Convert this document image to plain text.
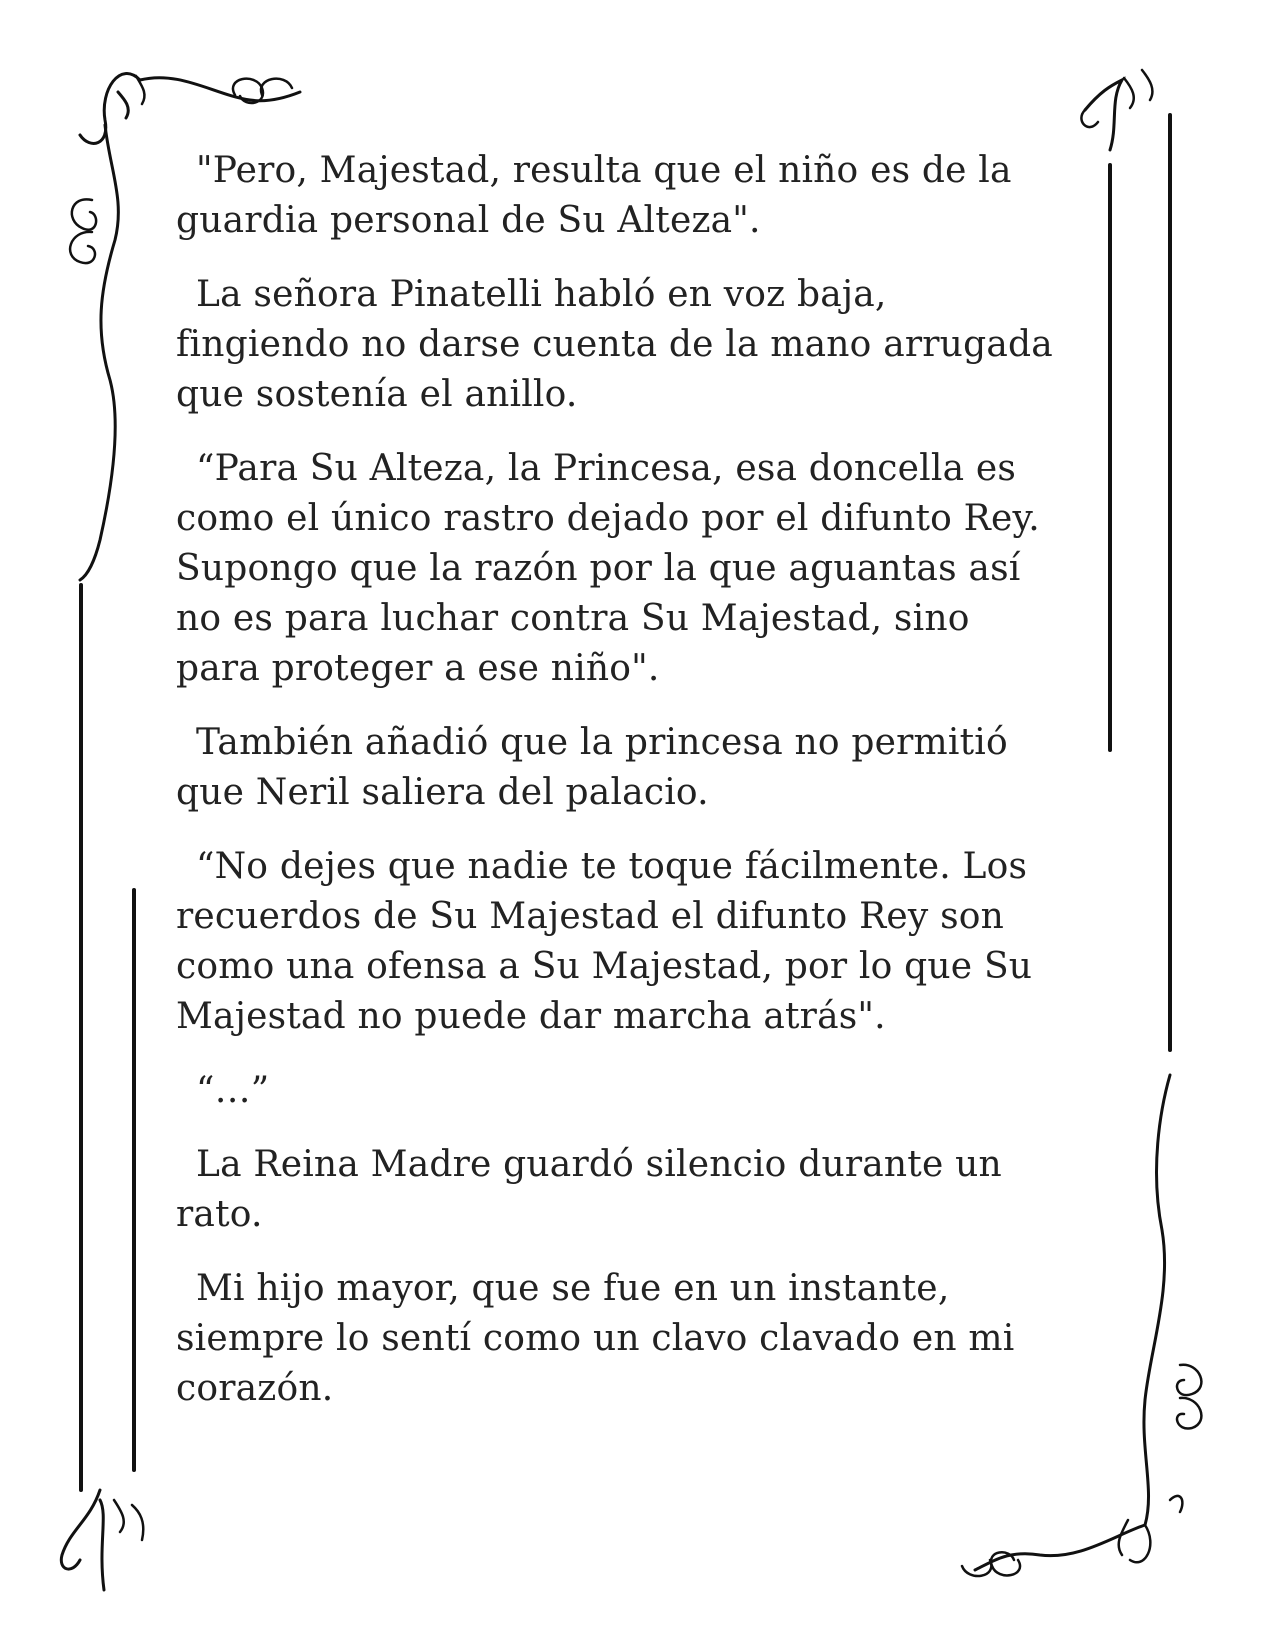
"Pero, Majestad, resulta que el niño es de la
guardia personal de Su Alteza".

La señora Pinatelli habló en voz baja,
fingiendo no darse cuenta de la mano arrugada
que sostenía el anillo.

“Para Su Alteza, la Princesa, esa doncella es
como el único rastro dejado por el difunto Rey.
Supongo que la razón por la que aguantas así
no es para luchar contra Su Majestad, sino
para proteger a ese niño".

También añadió que la princesa no permitió
que Neril saliera del palacio.

“No dejes que nadie te toque fácilmente. Los
recuerdos de Su Majestad el difunto Rey son
como una ofensa a Su Majestad, por lo que Su
Majestad no puede dar marcha atrás".

“…”

La Reina Madre guardó silencio durante un
rato.

Mi hijo mayor, que se fue en un instante,
siempre lo sentí como un clavo clavado en mi
corazón.
